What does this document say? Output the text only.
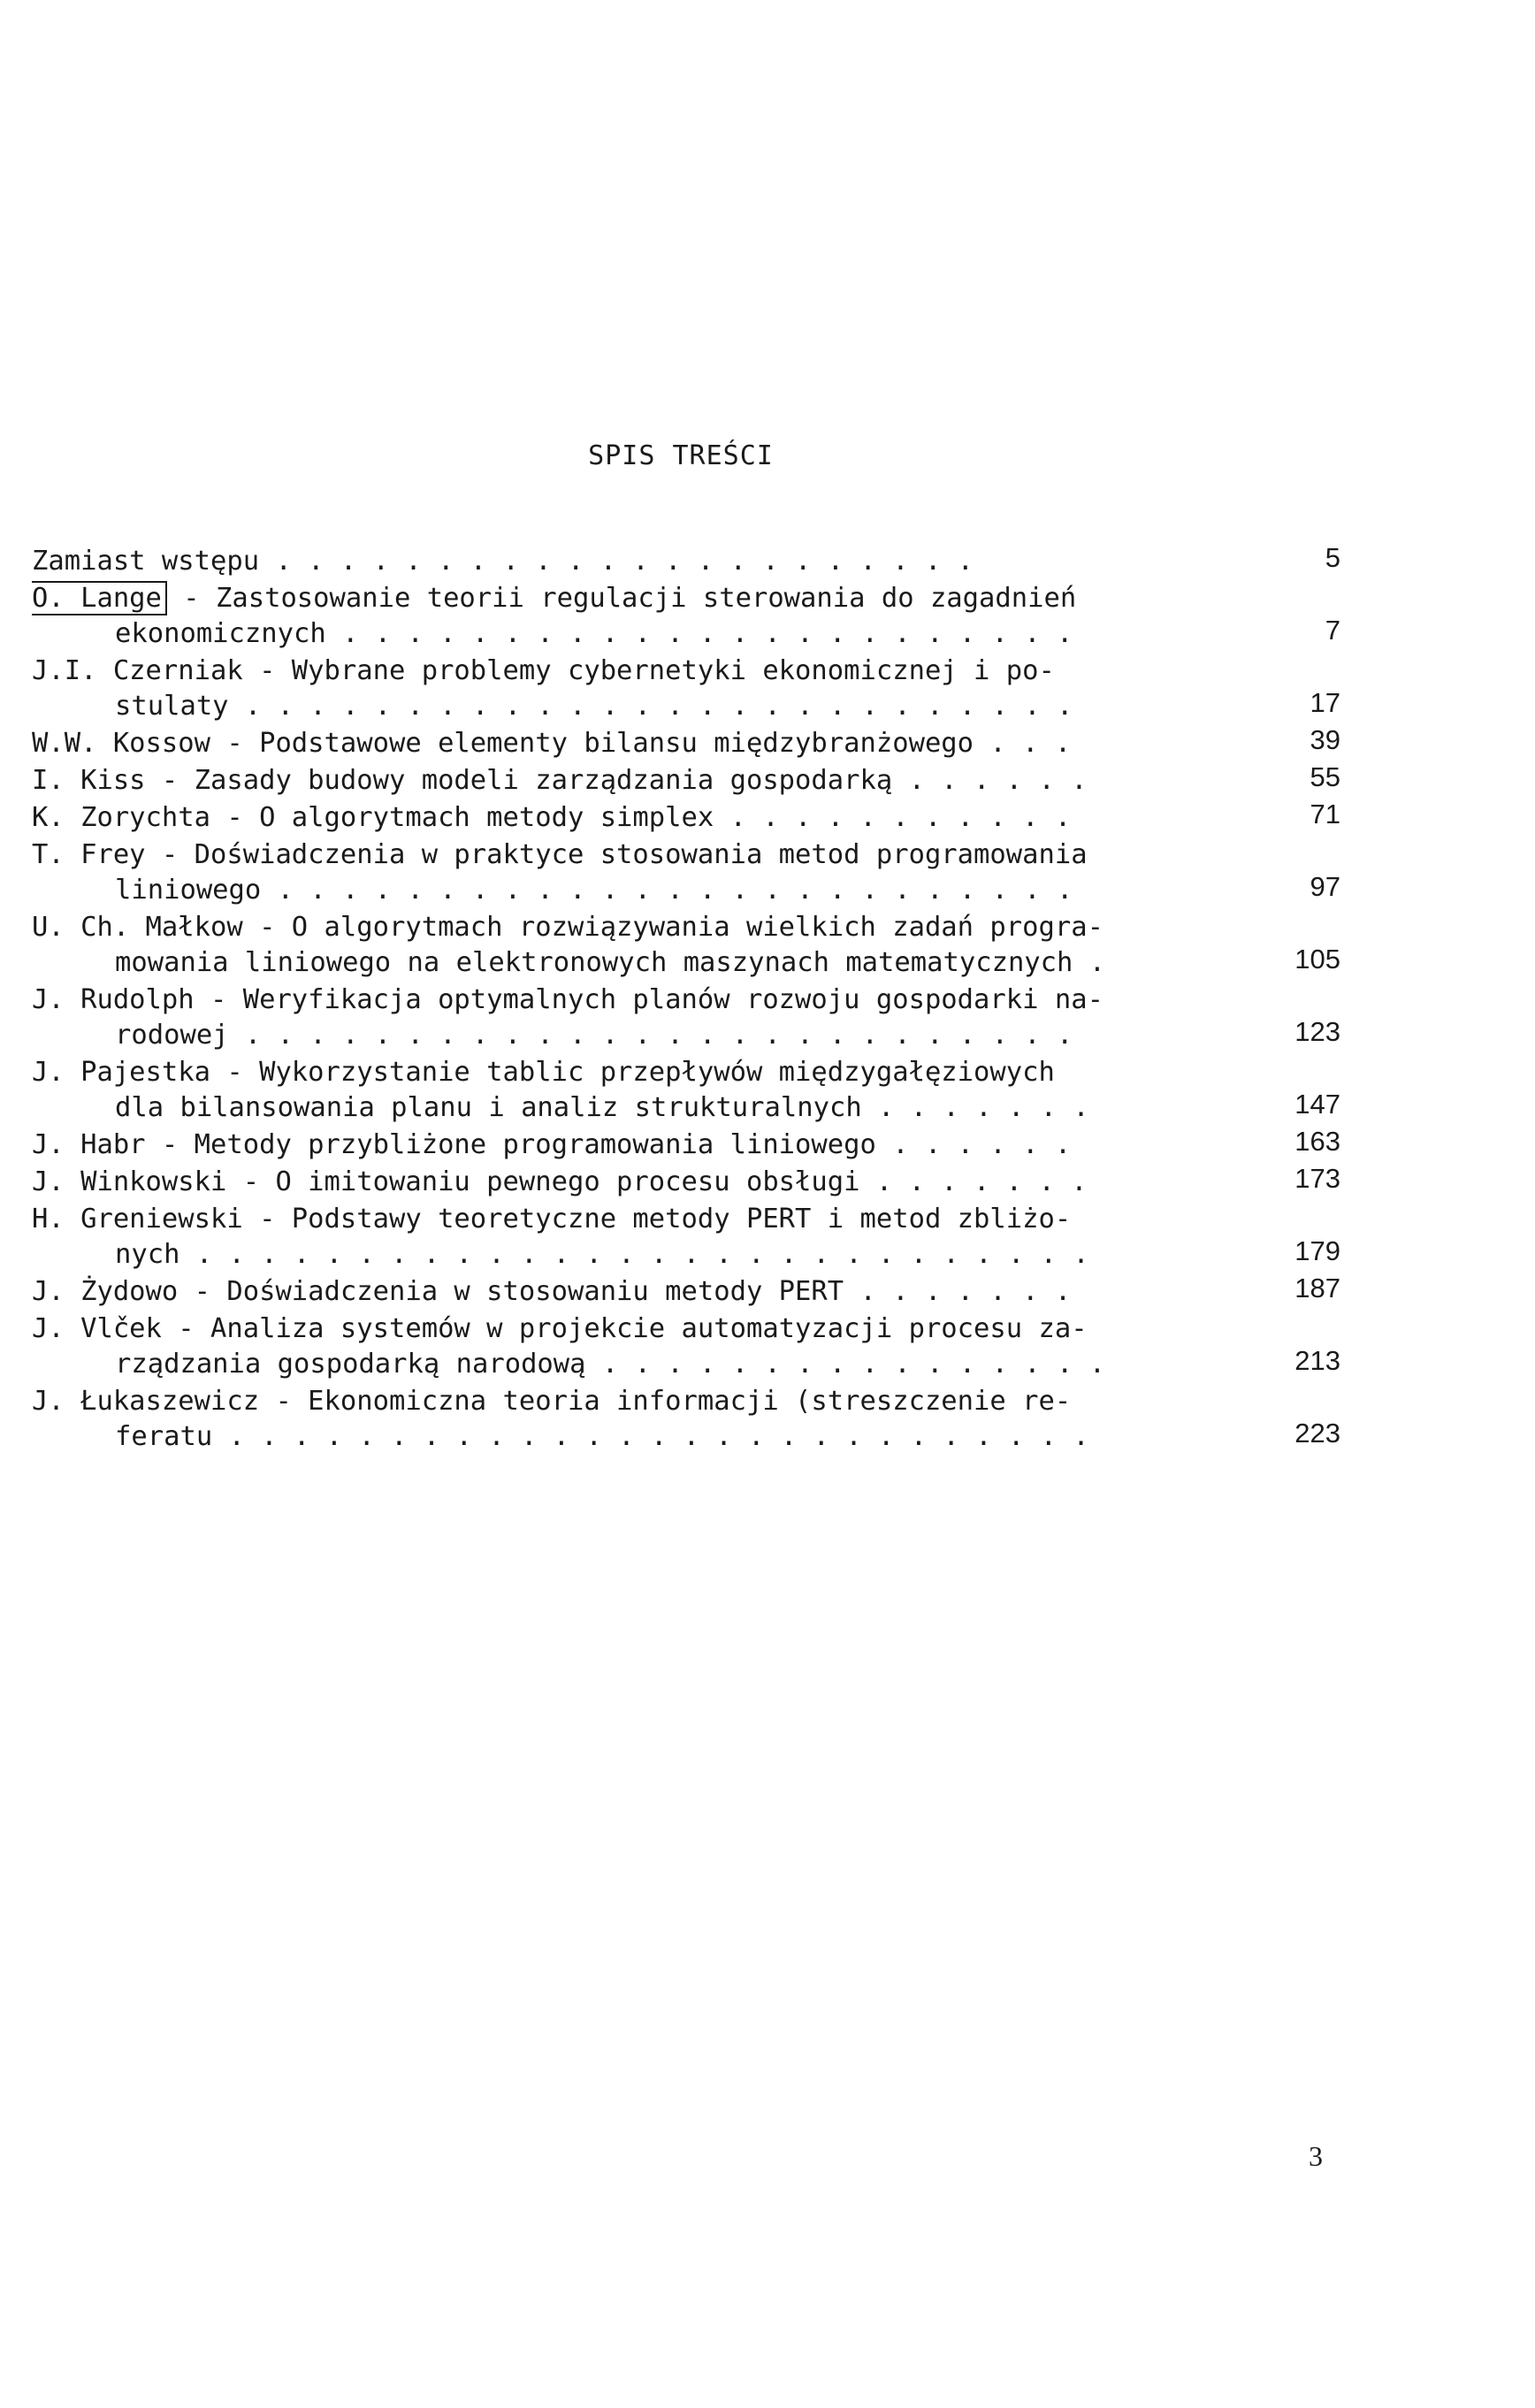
SPIS TREŚCI
Zamiast wstępu . . . . . . . . . . . . . . . . . . . . . .	5
O. Lange - Zastosowanie teorii regulacji sterowania do zagadnień
ekonomicznych . . . . . . . . . . . . . . . . . . . . . . .	7
J.I. Czerniak - Wybrane problemy cybernetyki ekonomicznej i po-
stulaty . . . . . . . . . . . . . . . . . . . . . . . . . .	17
W.W. Kossow - Podstawowe elementy bilansu międzybranżowego . . .	39
I. Kiss - Zasady budowy modeli zarządzania gospodarką . . . . . .	55
K. Zorychta - O algorytmach metody simplex . . . . . . . . . . .	71
T. Frey - Doświadczenia w praktyce stosowania metod programowania
liniowego . . . . . . . . . . . . . . . . . . . . . . . . .	97
U. Ch. Małkow - O algorytmach rozwiązywania wielkich zadań progra-
mowania liniowego na elektronowych maszynach matematycznych .	105
J. Rudolph - Weryfikacja optymalnych planów rozwoju gospodarki na-
rodowej . . . . . . . . . . . . . . . . . . . . . . . . . .	123
J. Pajestka - Wykorzystanie tablic przepływów międzygałęziowych
dla bilansowania planu i analiz strukturalnych . . . . . . .	147
J. Habr - Metody przybliżone programowania liniowego . . . . . .	163
J. Winkowski - O imitowaniu pewnego procesu obsługi . . . . . . .	173
H. Greniewski - Podstawy teoretyczne metody PERT i metod zbliżo-
nych . . . . . . . . . . . . . . . . . . . . . . . . . . . .	179
J. Żydowo - Doświadczenia w stosowaniu metody PERT . . . . . . .	187
J. Vlček - Analiza systemów w projekcie automatyzacji procesu za-
rządzania gospodarką narodową . . . . . . . . . . . . . . . .	213
J. Łukaszewicz - Ekonomiczna teoria informacji (streszczenie re-
feratu . . . . . . . . . . . . . . . . . . . . . . . . . . .	223
3
